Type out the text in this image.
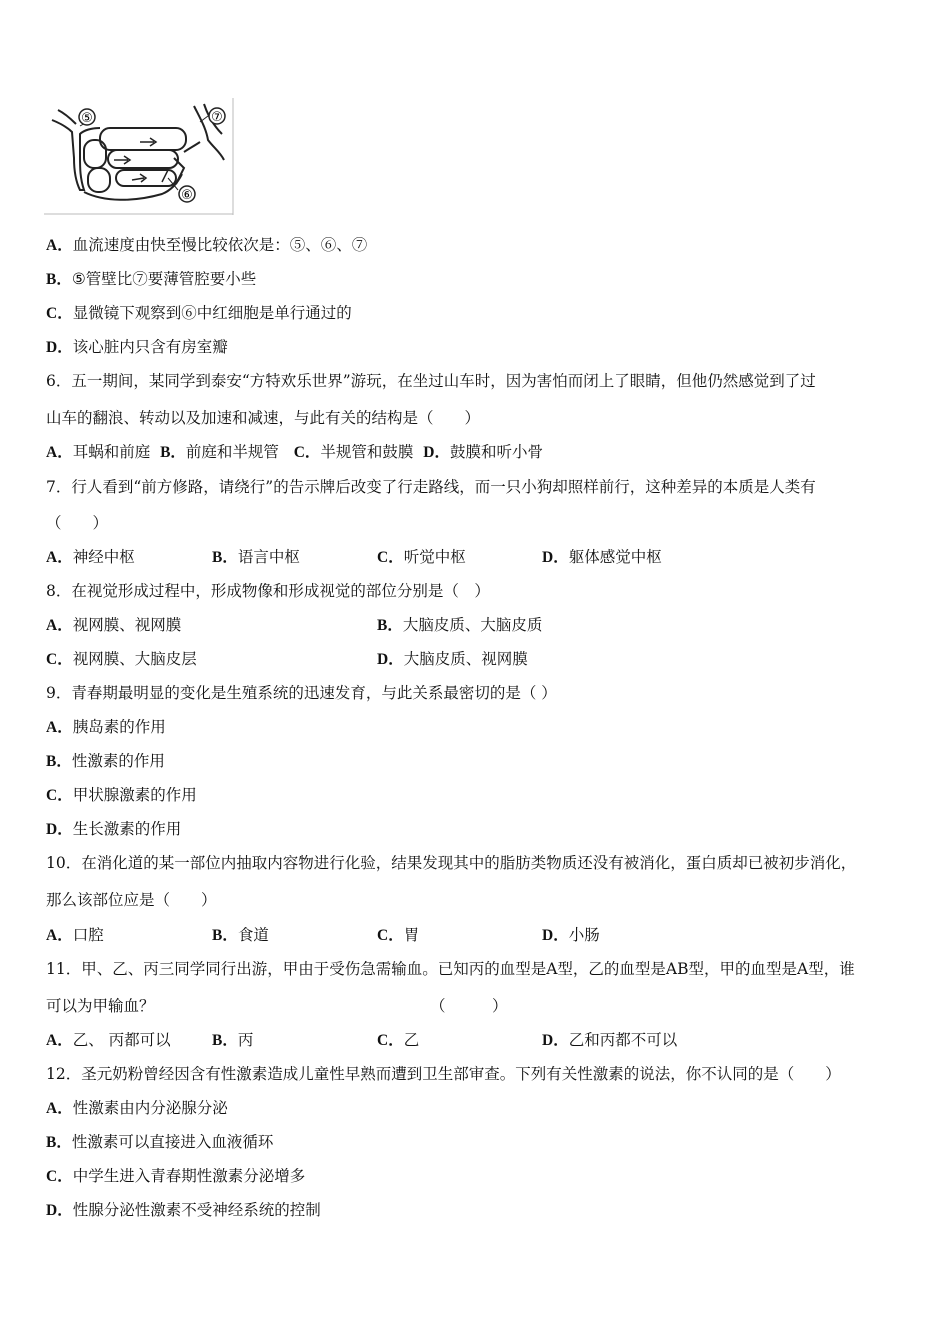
⑤	⑦
⑥
A．血流速度由快至慢比较依次是：⑤、⑥、⑦
B．⑤管壁比⑦要薄管腔要小些
C．显微镜下观察到⑥中红细胞是单行通过的
D．该心脏内只含有房室瓣
6．五一期间，某同学到泰安“方特欢乐世界”游玩，在坐过山车时，因为害怕而闭上了眼睛，但他仍然感觉到了过
山车的翻浪、转动以及加速和减速，与此有关的结构是（　　）
A．耳蜗和前庭 B．前庭和半规管 C．半规管和鼓膜 D．鼓膜和听小骨
7．行人看到“前方修路，请绕行”的告示牌后改变了行走路线，而一只小狗却照样前行，这种差异的本质是人类有
（　　）
A．神经中枢	B．语言中枢	C．听觉中枢	D．躯体感觉中枢
8．在视觉形成过程中，形成物像和形成视觉的部位分别是（　）
A．视网膜、视网膜	B．大脑皮质、大脑皮质
C．视网膜、大脑皮层	D．大脑皮质、视网膜
9．青春期最明显的变化是生殖系统的迅速发育，与此关系最密切的是（ ）
A．胰岛素的作用
B．性激素的作用
C．甲状腺激素的作用
D．生长激素的作用
10．在消化道的某一部位内抽取内容物进行化验，结果发现其中的脂肪类物质还没有被消化，蛋白质却已被初步消化，
那么该部位应是（　　）
A．口腔	B．食道	C．胃	D．小肠
11．甲、乙、丙三同学同行出游，甲由于受伤急需输血。已知丙的血型是A型，乙的血型是AB型，甲的血型是A型，谁
可以为甲输血？	（　　　）
A．乙、 丙都可以	B．丙	C．乙	D．乙和丙都不可以
12．圣元奶粉曾经因含有性激素造成儿童性早熟而遭到卫生部审查。下列有关性激素的说法，你不认同的是（　　）
A．性激素由内分泌腺分泌
B．性激素可以直接进入血液循环
C．中学生进入青春期性激素分泌增多
D．性腺分泌性激素不受神经系统的控制
